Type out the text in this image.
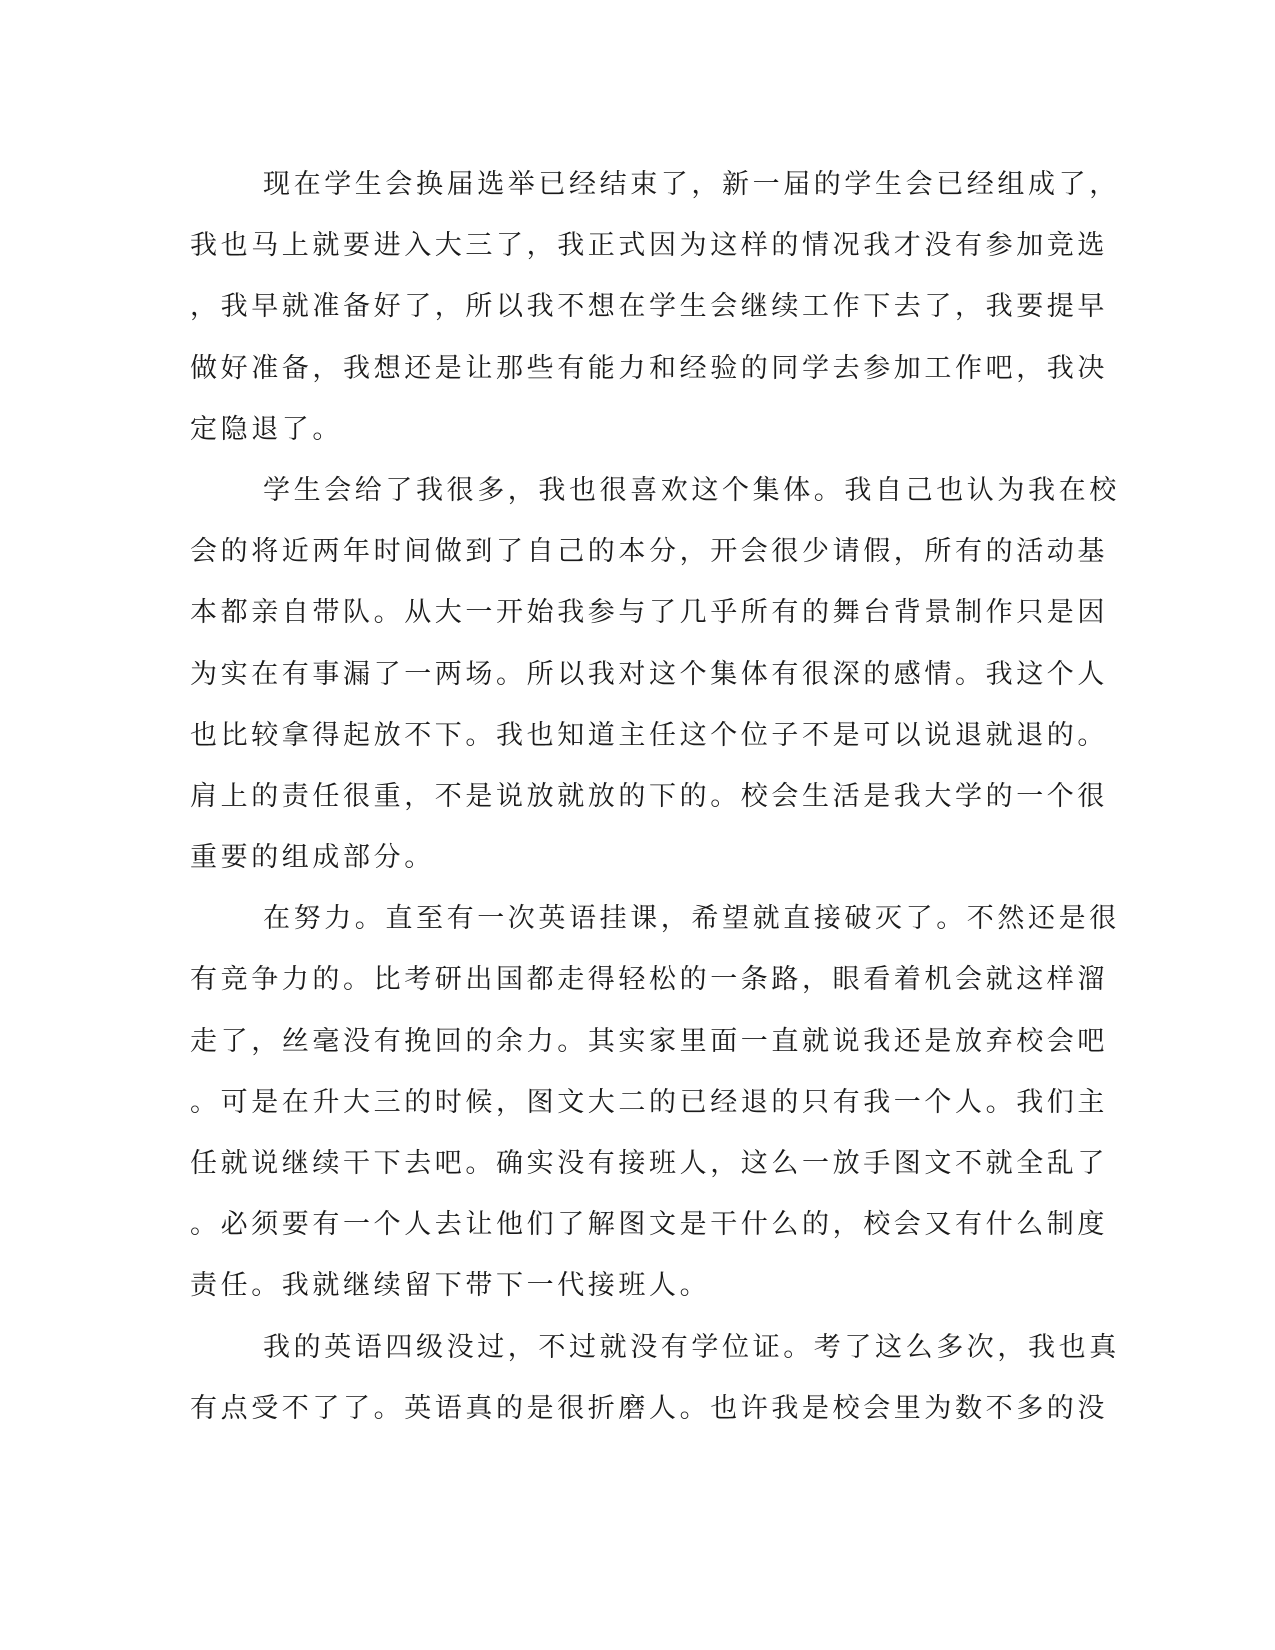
现在学生会换届选举已经结束了，新一届的学生会已经组成了，
我也马上就要进入大三了，我正式因为这样的情况我才没有参加竞选
，我早就准备好了，所以我不想在学生会继续工作下去了，我要提早
做好准备，我想还是让那些有能力和经验的同学去参加工作吧，我决
定隐退了。
学生会给了我很多，我也很喜欢这个集体。我自己也认为我在校
会的将近两年时间做到了自己的本分，开会很少请假，所有的活动基
本都亲自带队。从大一开始我参与了几乎所有的舞台背景制作只是因
为实在有事漏了一两场。所以我对这个集体有很深的感情。我这个人
也比较拿得起放不下。我也知道主任这个位子不是可以说退就退的。
肩上的责任很重，不是说放就放的下的。校会生活是我大学的一个很
重要的组成部分。
在努力。直至有一次英语挂课，希望就直接破灭了。不然还是很
有竞争力的。比考研出国都走得轻松的一条路，眼看着机会就这样溜
走了，丝毫没有挽回的余力。其实家里面一直就说我还是放弃校会吧
。可是在升大三的时候，图文大二的已经退的只有我一个人。我们主
任就说继续干下去吧。确实没有接班人，这么一放手图文不就全乱了
。必须要有一个人去让他们了解图文是干什么的，校会又有什么制度
责任。我就继续留下带下一代接班人。
我的英语四级没过，不过就没有学位证。考了这么多次，我也真
有点受不了了。英语真的是很折磨人。也许我是校会里为数不多的没
